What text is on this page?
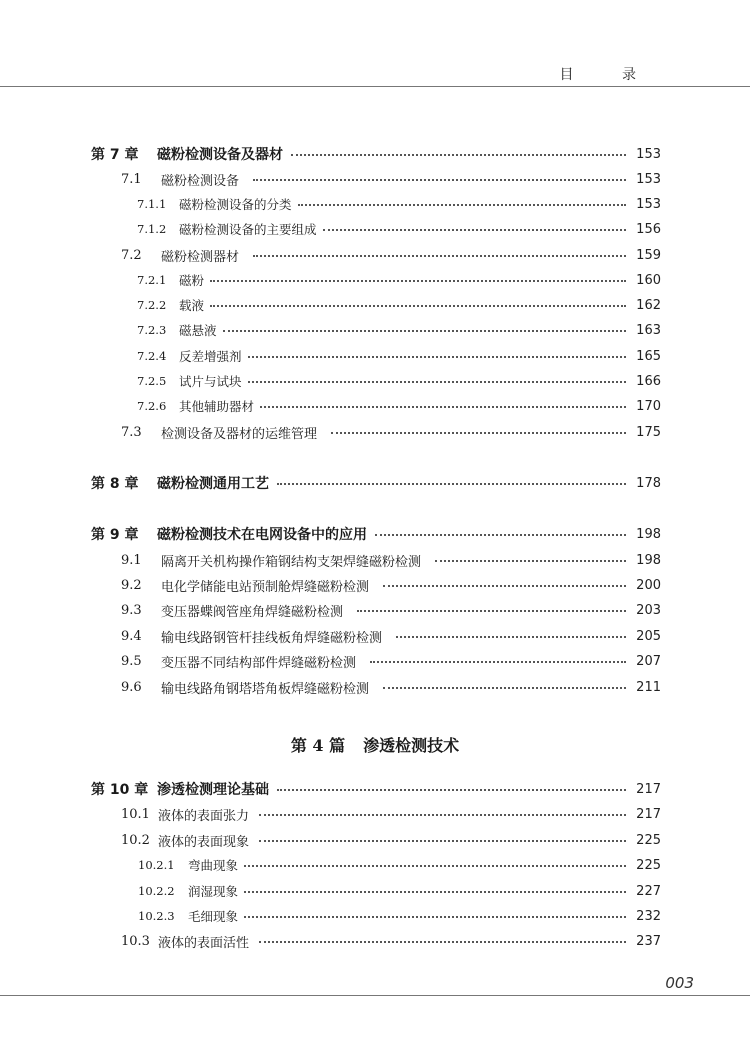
目 录
第 7 章	磁粉检测设备及器材	153
7.1	磁粉检测设备	153
7.1.1	磁粉检测设备的分类	153
7.1.2	磁粉检测设备的主要组成	156
7.2	磁粉检测器材	159
7.2.1	磁粉	160
7.2.2	载液	162
7.2.3	磁悬液	163
7.2.4	反差增强剂	165
7.2.5	试片与试块	166
7.2.6	其他辅助器材	170
7.3	检测设备及器材的运维管理	175
第 8 章	磁粉检测通用工艺	178
第 9 章	磁粉检测技术在电网设备中的应用	198
9.1	隔离开关机构操作箱钢结构支架焊缝磁粉检测	198
9.2	电化学储能电站预制舱焊缝磁粉检测	200
9.3	变压器蝶阀管座角焊缝磁粉检测	203
9.4	输电线路钢管杆挂线板角焊缝磁粉检测	205
9.5	变压器不同结构部件焊缝磁粉检测	207
9.6	输电线路角钢塔塔角板焊缝磁粉检测	211
第 10 章 渗透检测理论基础	217
10.1 液体的表面张力	217
10.2 液体的表面现象	225
10.2.1	弯曲现象	225
10.2.2	润湿现象	227
10.2.3	毛细现象	232
10.3 液体的表面活性	237
第 4 篇 渗透检测技术
003
